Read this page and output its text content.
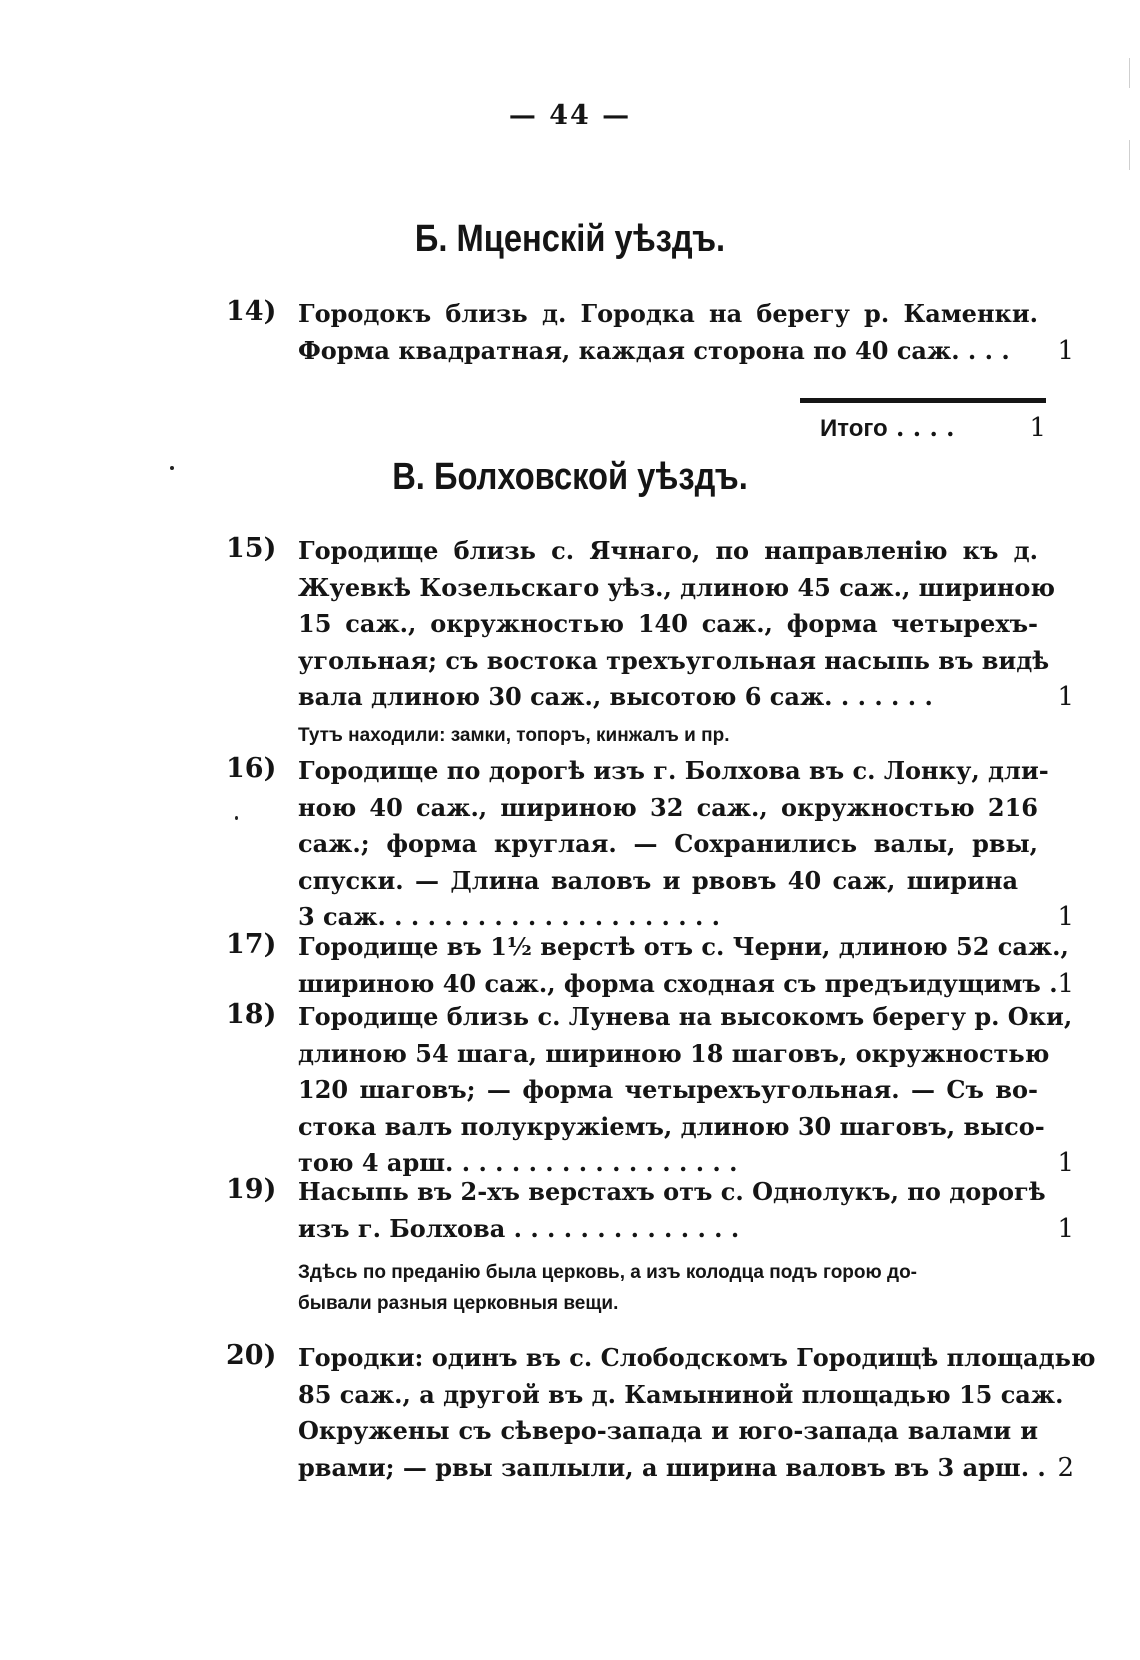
— 44 —
Б. Мценскій уѣздъ.
14) Городокъ близь д. Городка на берегу р. Каменки.
Форма квадратная, каждая сторона по 40 саж. . . . 1
Итого . . . .	1
В. Болховской уѣздъ.
15) Городище близь с. Ячнаго, по направленію къ д.
Жуевкѣ Козельскаго уѣз., длиною 45 саж., шириною
15 саж., окружностью 140 саж., форма четырехъ-
угольная; съ востока трехъугольная насыпь въ видѣ
вала длиною 30 саж., высотою 6 саж. . . . . . .	1
Тутъ находили: замки, топоръ, кинжалъ и пр.
16) Городище по дорогѣ изъ г. Болхова въ с. Лонку, дли-
ною 40 саж., шириною 32 саж., окружностью 216
саж.; форма круглая. — Сохранились валы, рвы,
спуски. — Длина валовъ и рвовъ 40 саж, ширина
3 саж. . . . . . . . . . . . . . . . . . . . .	1
17) Городище въ 1½ верстѣ отъ с. Черни, длиною 52 саж.,
шириною 40 саж., форма сходная съ предъидущимъ . 1
18) Городище близь с. Лунева на высокомъ берегу р. Оки,
длиною 54 шага, шириною 18 шаговъ, окружностью
120 шаговъ; — форма четырехъугольная. — Съ во-
стока валъ полукружіемъ, длиною 30 шаговъ, высо-
тою 4 арш. . . . . . . . . . . . . . . . . .	1
19) Насыпь въ 2-хъ верстахъ отъ с. Однолукъ, по дорогѣ
изъ г. Болхова . . . . . . . . . . . . . .	1
Здѣсь по преданію была церковь, а изъ колодца подъ горою до-
бывали разныя церковныя вещи.
20) Городки: одинъ въ с. Слободскомъ Городищѣ площадью
85 саж., а другой въ д. Камыниной площадью 15 саж.
Окружены съ сѣверо-запада и юго-запада валами и
рвами; — рвы заплыли, а ширина валовъ въ 3 арш. . 2
